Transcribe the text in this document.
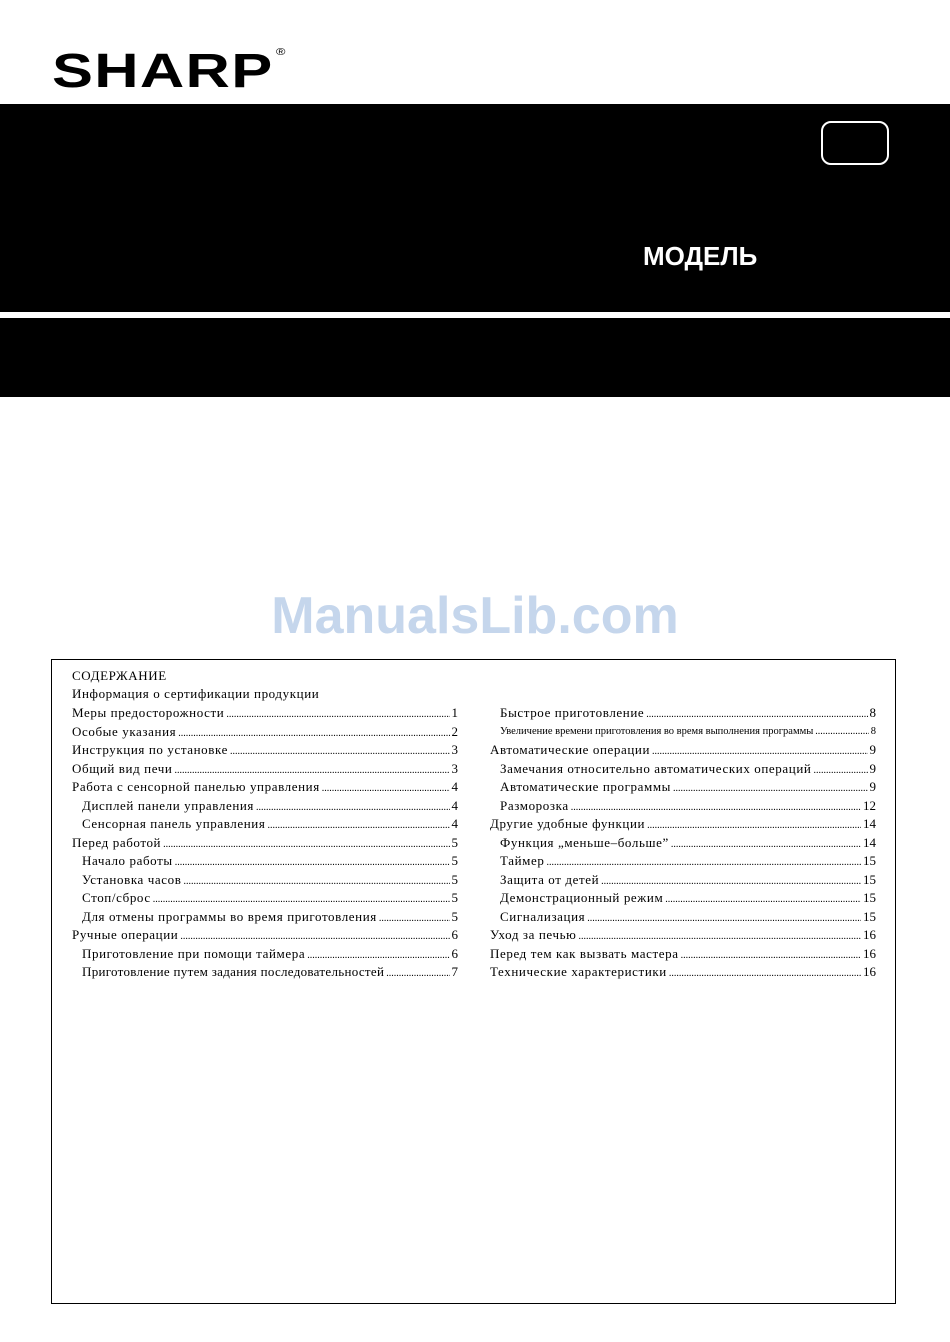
SHARP ®
МОДЕЛЬ
ManualsLib.com
СОДЕРЖАНИЕ
Информация о сертификации продукции
Меры предосторожности .....	1
Особые указания .....	2
Инструкция по установке .....	3
Общий вид печи .....	3
Работа с сенсорной панелью управления .....	4
Дисплей панели управления .....	4
Сенсорная панель управления .....	4
Перед работой .....	5
Начало работы .....	5
Установка часов .....	5
Стоп/сброс .....	5
Для отмены программы во время приготовления .....	5
Ручные операции .....	6
Приготовление при помощи таймера .....	6
Приготовление путем задания последовательностей .....	7
Быстрое приготовление .....	8
Увеличение времени приготовления во время выполнения программы .....	8
Автоматические операции .....	9
Замечания относительно автоматических операций .....	9
Автоматические программы .....	9
Разморозка .....	12
Другие удобные функции .....	14
Функция „меньше–больше” .....	14
Таймер .....	15
Защита от детей .....	15
Демонстрационный режим .....	15
Сигнализация .....	15
Уход за печью .....	16
Перед тем как вызвать мастера .....	16
Технические характеристики .....	16
